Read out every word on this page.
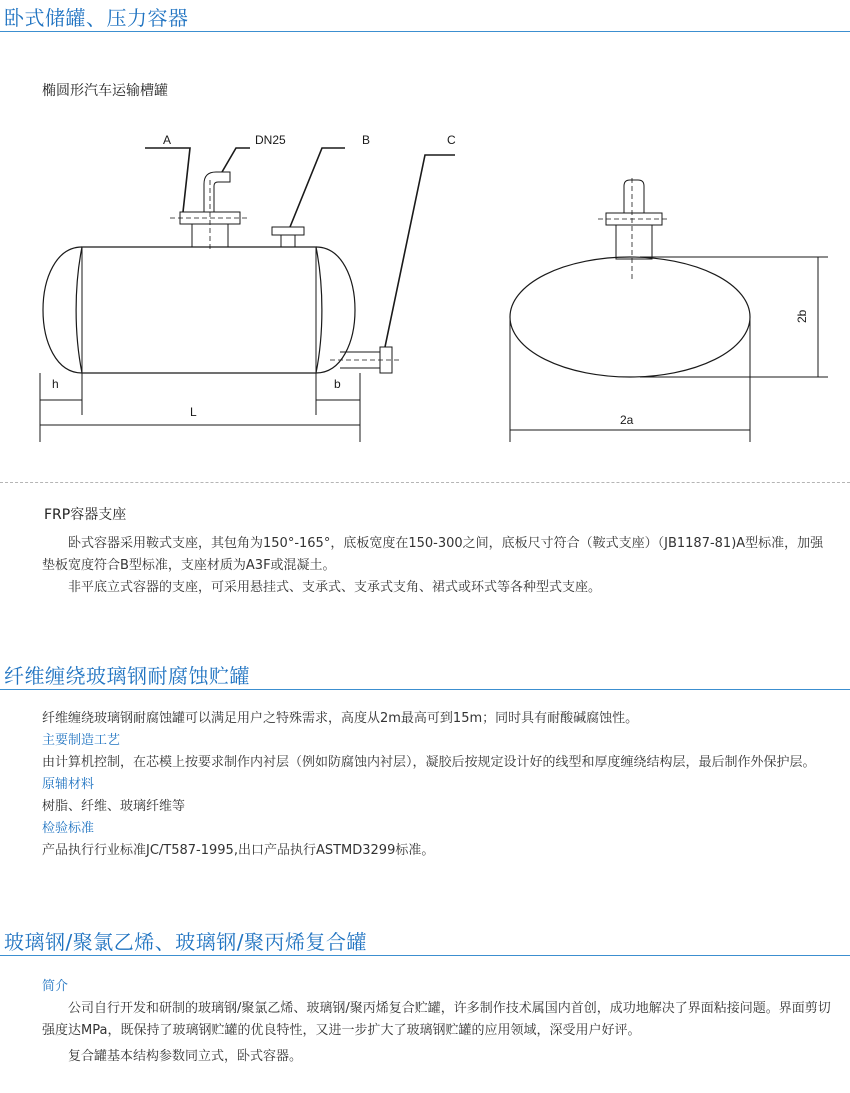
卧式储罐、压力容器
椭圆形汽车运输槽罐
A	DN25	B	C
h	b
L
2b
2a
FRP容器支座

卧式容器采用鞍式支座，其包角为150°-165°，底板宽度在150-300之间，底板尺寸符合（鞍式支座）（JB1187-81)A型标准，加强垫板宽度符合B型标准，支座材质为A3F或混凝土。

非平底立式容器的支座，可采用悬挂式、支承式、支承式支角、裙式或环式等各种型式支座。

纤维缠绕玻璃钢耐腐蚀贮罐

纤维缠绕玻璃钢耐腐蚀罐可以满足用户之特殊需求，高度从2m最高可到15m；同时具有耐酸碱腐蚀性。

主要制造工艺

由计算机控制，在芯模上按要求制作内衬层（例如防腐蚀内衬层），凝胶后按规定设计好的线型和厚度缠绕结构层，最后制作外保护层。

原辅材料

树脂、纤维、玻璃纤维等

检验标准

产品执行行业标准JC/T587-1995,出口产品执行ASTMD3299标准。

玻璃钢/聚氯乙烯、玻璃钢/聚丙烯复合罐

简介

公司自行开发和研制的玻璃钢/聚氯乙烯、玻璃钢/聚丙烯复合贮罐，许多制作技术属国内首创，成功地解决了界面粘接问题。界面剪切强度达MPa，既保持了玻璃钢贮罐的优良特性，又进一步扩大了玻璃钢贮罐的应用领域，深受用户好评。

复合罐基本结构参数同立式，卧式容器。
